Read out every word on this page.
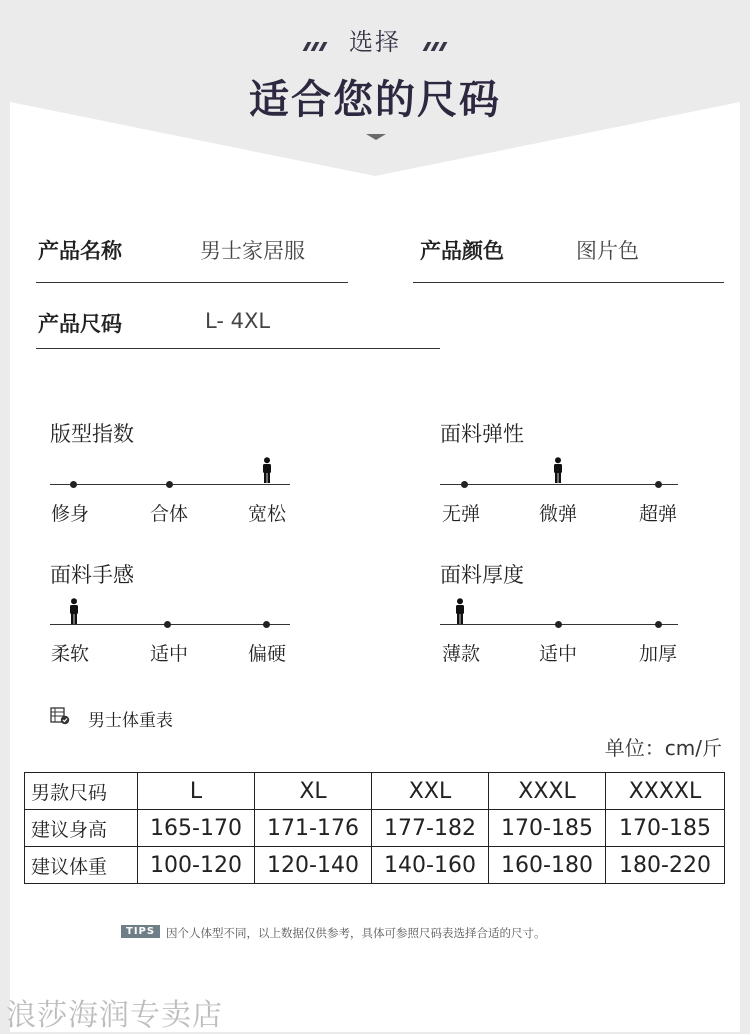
选择
适合您的尺码
产品名称	男士家居服	产品颜色	图片色
产品尺码	L- 4XL
版型指数
修身	合体	宽松
面料弹性
无弹	微弹	超弹
面料手感
柔软	适中	偏硬
面料厚度
薄款	适中	加厚
男士体重表
单位：cm/斤
男款尺码	L	XL	XXL	XXXL	XXXXL
建议身高	165-170	171-176	177-182	170-185	170-185
建议体重	100-120	120-140	140-160	160-180	180-220
TIPS 因个人体型不同，以上数据仅供参考，具体可参照尺码表选择合适的尺寸。
浪莎海润专卖店
